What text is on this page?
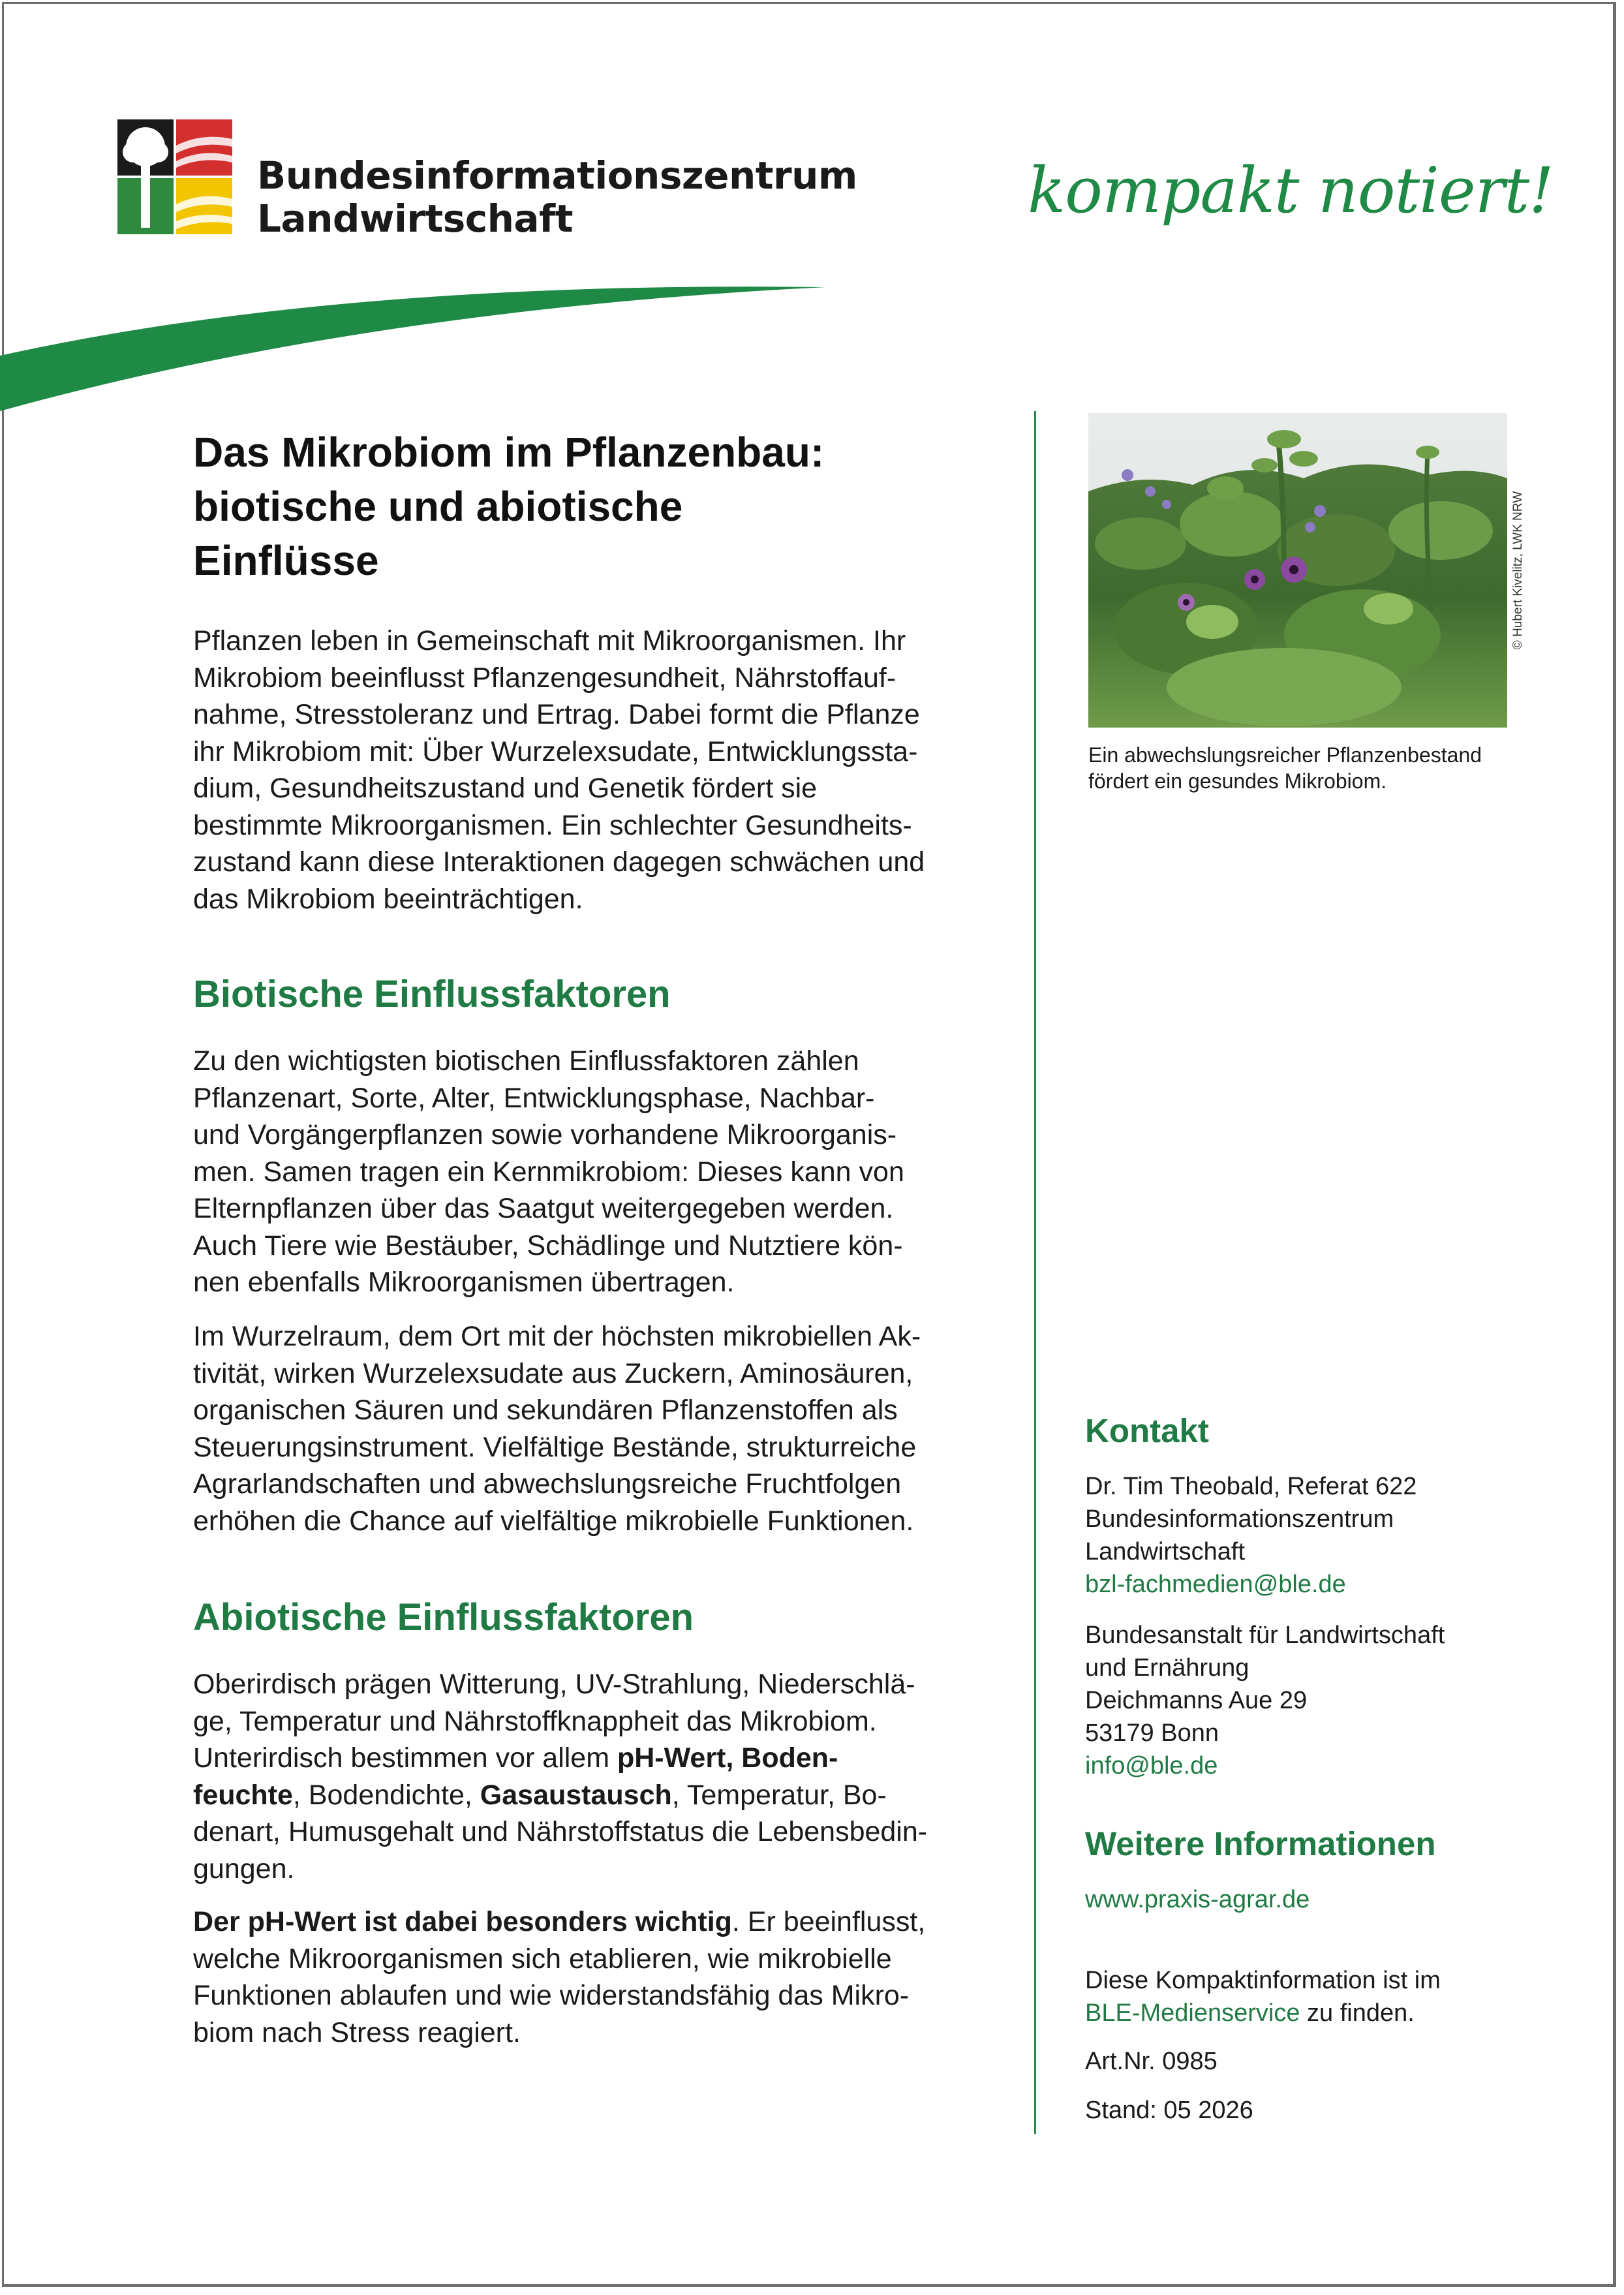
Bundesinformationszentrum
Landwirtschaft	kompakt notiert!
Das Mikrobiom im Pflanzenbau:
biotische und abiotische
Einflüsse
Pflanzen leben in Gemeinschaft mit Mikroorganismen. Ihr
Mikrobiom beeinflusst Pflanzengesundheit, Nährstoffauf-
nahme, Stresstoleranz und Ertrag. Dabei formt die Pflanze
ihr Mikrobiom mit: Über Wurzelexsudate, Entwicklungssta-
dium, Gesundheitszustand und Genetik fördert sie
bestimmte Mikroorganismen. Ein schlechter Gesundheits-
zustand kann diese Interaktionen dagegen schwächen und
das Mikrobiom beeinträchtigen.
Biotische Einflussfaktoren
Zu den wichtigsten biotischen Einflussfaktoren zählen
Pflanzenart, Sorte, Alter, Entwicklungsphase, Nachbar-
und Vorgängerpflanzen sowie vorhandene Mikroorganis-
men. Samen tragen ein Kernmikrobiom: Dieses kann von
Elternpflanzen über das Saatgut weitergegeben werden.
Auch Tiere wie Bestäuber, Schädlinge und Nutztiere kön-
nen ebenfalls Mikroorganismen übertragen.
Im Wurzelraum, dem Ort mit der höchsten mikrobiellen Ak-
tivität, wirken Wurzelexsudate aus Zuckern, Aminosäuren,
organischen Säuren und sekundären Pflanzenstoffen als
Steuerungsinstrument. Vielfältige Bestände, strukturreiche
Agrarlandschaften und abwechslungsreiche Fruchtfolgen
erhöhen die Chance auf vielfältige mikrobielle Funktionen.
Abiotische Einflussfaktoren
Oberirdisch prägen Witterung, UV-Strahlung, Niederschlä-
ge, Temperatur und Nährstoffknappheit das Mikrobiom.
Unterirdisch bestimmen vor allem pH-Wert, Boden-
feuchte, Bodendichte, Gasaustausch, Temperatur, Bo-
denart, Humusgehalt und Nährstoffstatus die Lebensbedin-
gungen.
Der pH-Wert ist dabei besonders wichtig. Er beeinflusst,
welche Mikroorganismen sich etablieren, wie mikrobielle
Funktionen ablaufen und wie widerstandsfähig das Mikro-
biom nach Stress reagiert.
© Hubert Kivelitz, LWK NRW
Ein abwechslungsreicher Pflanzenbestand
fördert ein gesundes Mikrobiom.
Kontakt
Dr. Tim Theobald, Referat 622
Bundesinformationszentrum
Landwirtschaft
bzl-fachmedien@ble.de
Bundesanstalt für Landwirtschaft
und Ernährung
Deichmanns Aue 29
53179 Bonn
info@ble.de
Weitere Informationen
www.praxis-agrar.de
Diese Kompaktinformation ist im
BLE-Medienservice zu finden.
Art.Nr. 0985
Stand: 05 2026
